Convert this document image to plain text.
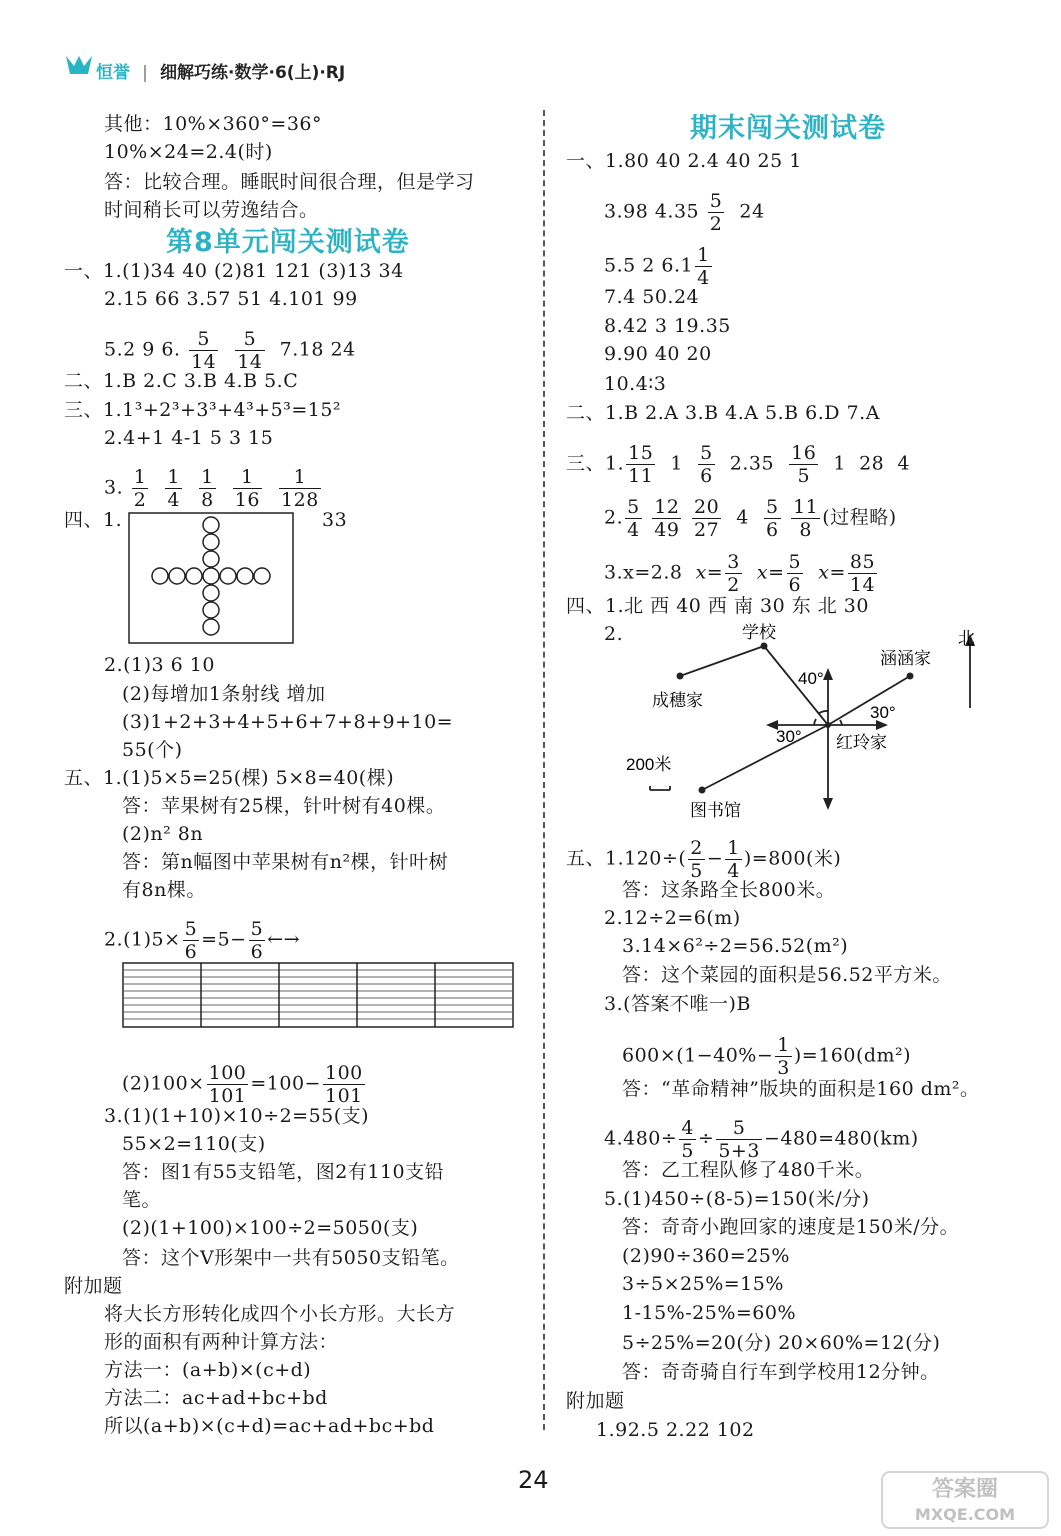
恒誉 | 细解巧练·数学·6(上)·RJ
其他：10%×360°=36°
10%×24=2.4(时)
答：比较合理。睡眠时间很合理，但是学习
时间稍长可以劳逸结合。
第8单元闯关测试卷
一、1.(1)34 40 (2)81 121 (3)13 34
2.15 66 3.57 51 4.101 99
5.2 9 6. $\frac{5}{14}$
$\frac{5}{14} 7.18$ 24
二、1.B 2.C 3.B 4.B 5.C
三、1.1³+2³+3³+4³+5³=15²
2.4+1 4-1 5 3 15
3. $\frac{1}{2}$
$\frac{1}{4}$
$\frac{1}{8}$
$\frac{1}{16}$
$\frac{1}{128}$
四、1.	33
2.(1)3 6 10
(2)每增加1条射线 增加
(3)1+2+3+4+5+6+7+8+9+10=
55(个)
五、1.(1)5×5=25(棵) 5×8=40(棵)
答：苹果树有25棵，针叶树有40棵。
(2)n² 8n
答：第n幅图中苹果树有n²棵，针叶树
有8n棵。
$2.(1)5\times \frac{5}{6} =5- \frac{5}{6}$ ←→
$(2)100\times \frac{100}{101} =100- \frac{100}{101}$
3.(1)(1+10)×10÷2=55(支)
55×2=110(支)
答：图1有55支铅笔，图2有110支铅
笔。
(2)(1+100)×100÷2=5050(支)
答：这个V形架中一共有5050支铅笔。
附加题
将大长方形转化成四个小长方形。大长方
形的面积有两种计算方法：
方法一：(a+b)×(c+d)
方法二：ac+ad+bc+bd
所以(a+b)×(c+d)=ac+ad+bc+bd
期末闯关测试卷
一、1.80 40 2.4 40 25 1
3.98 $4.35 \frac{5}{2} 24$
5.5 2 $6.1 \frac{1}{4}$
7.4 50.24
8.42 3 19.35
9.90 40 20
10.4∶3
二、1.B 2.A 3.B 4.A 5.B 6.D 7.A
三、1. $\frac{15}{11} 1 \frac{5}{6} 2.35 \frac{16}{5} 1$  28  4
2. $\frac{5}{4}$
$\frac{12}{49}$
$\frac{20}{27} 4 \frac{5}{6}$
$\frac{11}{8}$ (过程略)
3.x=2.8 $x= \frac{3}{2} x= \frac{5}{6} x= \frac{85}{14}$
四、1.北 西 40 西 南 30 东 北 30
2.	学校
成穗家
涵涵家
北
红玲家
图书馆
200米
40°
30°
30°
五、$1.120\div( \frac{2}{5} - \frac{1}{4} )=800$(米)
答：这条路全长800米。
2.12÷2=6(m)
3.14×6²÷2=56.52(m²)
答：这个菜园的面积是56.52平方米。
3.(答案不唯一)B
$600\times(1-40\%- \frac{1}{3} )=160(dm^2)$
答：“革命精神”版块的面积是160 dm²。
$4.480\div \frac{4}{5} \div \frac{5}{5+3} -480=480(km)$
答：乙工程队修了480千米。
5.(1)450÷(8-5)=150(米/分)
答：奇奇小跑回家的速度是150米/分。
(2)90÷360=25%
3÷5×25%=15%
1-15%-25%=60%
5÷25%=20(分) 20×60%=12(分)
答：奇奇骑自行车到学校用12分钟。
附加题
1.92.5 2.22 102
24	答案圈
MXQE.COM
